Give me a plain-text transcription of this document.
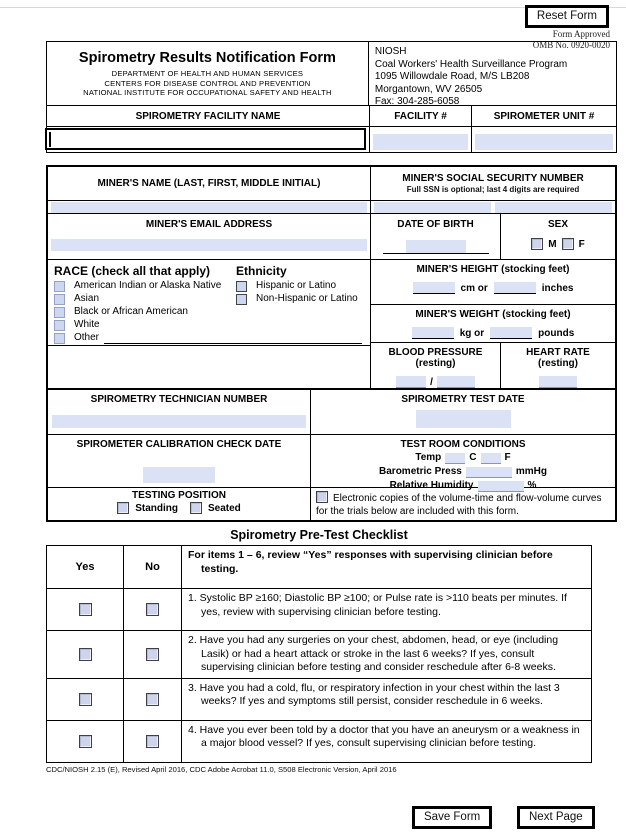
Reset Form
Form Approved
OMB No. 0920-0020
Spirometry Results Notification Form
DEPARTMENT OF HEALTH AND HUMAN SERVICES
CENTERS FOR DISEASE CONTROL AND PREVENTION
NATIONAL INSTITUTE FOR OCCUPATIONAL SAFETY AND HEALTH
NIOSH
Coal Workers' Health Surveillance Program
1095 Willowdale Road, M/S LB208
Morgantown, WV 26505
Fax: 304-285-6058
SPIROMETRY FACILITY NAME	FACILITY #	SPIROMETER UNIT #
MINER'S NAME (LAST, FIRST, MIDDLE INITIAL)	MINER'S SOCIAL SECURITY NUMBER
Full SSN is optional; last 4 digits are required
MINER'S EMAIL ADDRESS	DATE OF BIRTH	SEX
M F
RACE (check all that apply)
American Indian or Alaska Native
Asian
Black or African American
White
Other
Ethnicity
Hispanic or Latino
Non-Hispanic or Latino
MINER'S HEIGHT (stocking feet)
cm or	inches
MINER'S WEIGHT (stocking feet)
kg or	pounds
BLOOD PRESSURE
(resting)
/
HEART RATE
(resting)
SPIROMETRY TECHNICIAN NUMBER	SPIROMETRY TEST DATE
SPIROMETER CALIBRATION CHECK DATE	TEST ROOM CONDITIONS
Temp	C	F
Barometric Press	mmHg
Relative Humidity	%
TESTING POSITION
Standing	Seated
Electronic copies of the volume-time and flow-volume curves for the trials below are included with this form.
Spirometry Pre-Test Checklist
Yes	No
For items 1 – 6, review “Yes” responses with supervising clinician before testing.
1. Systolic BP ≥160; Diastolic BP ≥100; or Pulse rate is >110 beats per minutes. If yes, review with supervising clinician before testing.
2. Have you had any surgeries on your chest, abdomen, head, or eye (including Lasik) or had a heart attack or stroke in the last 6 weeks? If yes, consult supervising clinician before testing and consider reschedule after 6-8 weeks.
3. Have you had a cold, flu, or respiratory infection in your chest within the last 3 weeks? If yes and symptoms still persist, consider reschedule in 6 weeks.
4. Have you ever been told by a doctor that you have an aneurysm or a weakness in a major blood vessel? If yes, consult supervising clinician before testing.
CDC/NIOSH 2.15 (E), Revised April 2016, CDC Adobe Acrobat 11.0, S508 Electronic Version, April 2016
Save Form	Next Page
